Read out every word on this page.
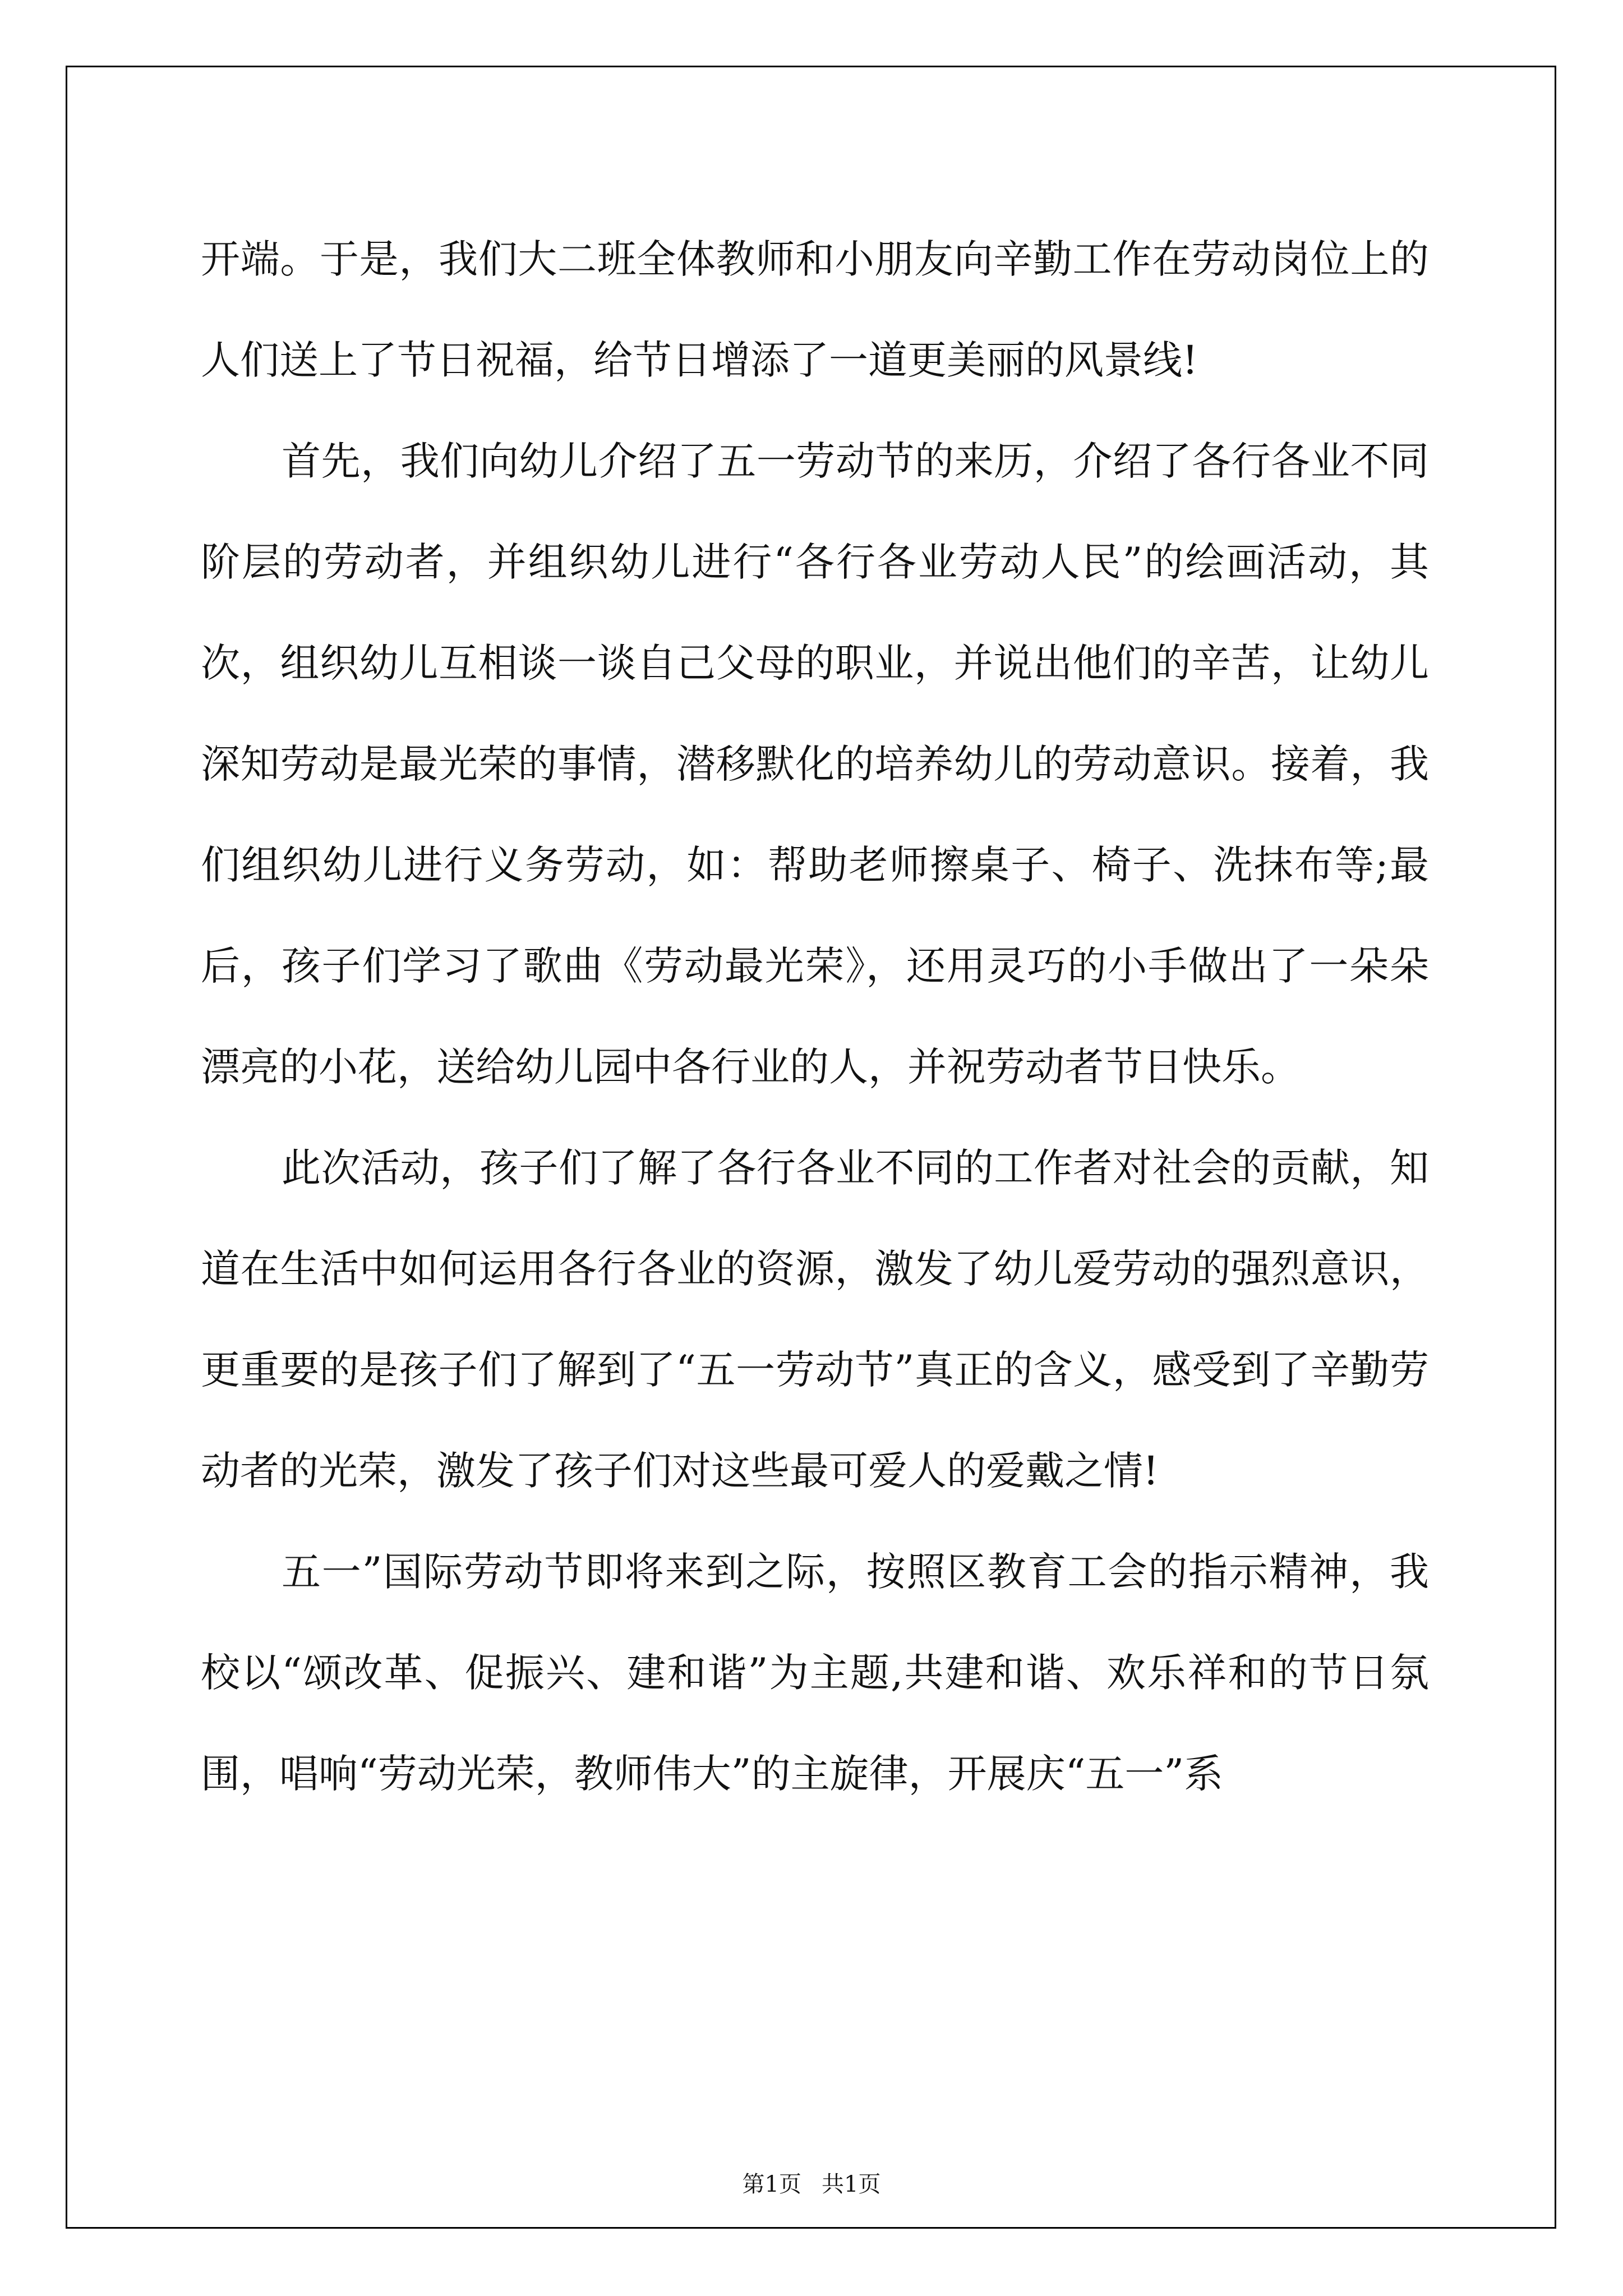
开端。于是，我们大二班全体教师和小朋友向辛勤工作在劳动岗位上的人们送上了节日祝福，给节日增添了一道更美丽的风景线!

首先，我们向幼儿介绍了五一劳动节的来历，介绍了各行各业不同阶层的劳动者，并组织幼儿进行“各行各业劳动人民”的绘画活动，其次，组织幼儿互相谈一谈自己父母的职业，并说出他们的辛苦，让幼儿深知劳动是最光荣的事情，潜移默化的培养幼儿的劳动意识。接着，我们组织幼儿进行义务劳动，如：帮助老师擦桌子、椅子、洗抹布等;最后，孩子们学习了歌曲《劳动最光荣》，还用灵巧的小手做出了一朵朵漂亮的小花，送给幼儿园中各行业的人，并祝劳动者节日快乐。

此次活动，孩子们了解了各行各业不同的工作者对社会的贡献，知道在生活中如何运用各行各业的资源，激发了幼儿爱劳动的强烈意识，更重要的是孩子们了解到了“五一劳动节”真正的含义，感受到了辛勤劳动者的光荣，激发了孩子们对这些最可爱人的爱戴之情!

五一”国际劳动节即将来到之际，按照区教育工会的指示精神，我校以“颂改革、促振兴、建和谐”为主题,共建和谐、欢乐祥和的节日氛围，唱响“劳动光荣，教师伟大”的主旋律，开展庆“五一”系

第1页 共1页
